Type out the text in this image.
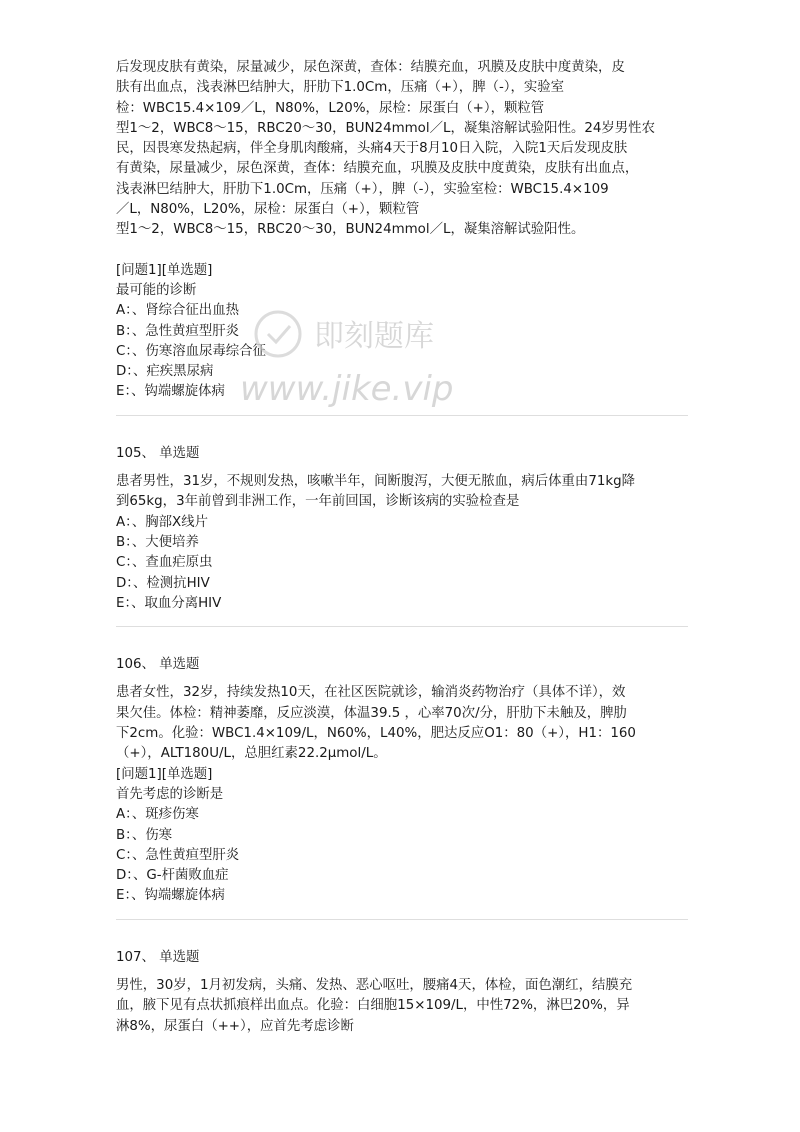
后发现皮肤有黄染，尿量减少，尿色深黄，查体：结膜充血，巩膜及皮肤中度黄染，皮

肤有出血点，浅表淋巴结肿大，肝肋下1.0Cm，压痛（+），脾（-），实验室

检：WBC15.4×109／L，N80%，L20%，尿检：尿蛋白（+），颗粒管

型1～2，WBC8～15，RBC20～30，BUN24mmol／L，凝集溶解试验阳性。24岁男性农

民，因畏寒发热起病，伴全身肌肉酸痛，头痛4天于8月10日入院，入院1天后发现皮肤

有黄染，尿量减少，尿色深黄，查体：结膜充血，巩膜及皮肤中度黄染，皮肤有出血点，

浅表淋巴结肿大，肝肋下1.0Cm，压痛（+），脾（-），实验室检：WBC15.4×109

／L，N80%，L20%，尿检：尿蛋白（+），颗粒管

型1～2，WBC8～15，RBC20～30，BUN24mmol／L，凝集溶解试验阳性。

[问题1][单选题]

最可能的诊断

A：、肾综合征出血热

B：、急性黄疸型肝炎

C：、伤寒溶血尿毒综合征

D：、疟疾黑尿病

E：、钩端螺旋体病

105、 单选题

患者男性，31岁，不规则发热，咳嗽半年，间断腹泻，大便无脓血，病后体重由71kg降

到65kg，3年前曾到非洲工作，一年前回国，诊断该病的实验检查是

A：、胸部X线片

B：、大便培养

C：、查血疟原虫

D：、检测抗HIV

E：、取血分离HIV

106、 单选题

患者女性，32岁，持续发热10天，在社区医院就诊，输消炎药物治疗（具体不详），效

果欠佳。体检：精神萎靡，反应淡漠，体温39.5 ，心率70次/分，肝肋下未触及，脾肋

下2cm。化验：WBC1.4×109/L，N60%，L40%，肥达反应O1：80（+），H1：160

（+），ALT180U/L，总胆红素22.2μmol/L。

[问题1][单选题]

首先考虑的诊断是

A：、斑疹伤寒

B：、伤寒

C：、急性黄疸型肝炎

D：、G-杆菌败血症

E：、钩端螺旋体病

107、 单选题

男性，30岁，1月初发病，头痛、发热、恶心呕吐，腰痛4天，体检，面色潮红，结膜充

血，腋下见有点状抓痕样出血点。化验：白细胞15×109/L，中性72%，淋巴20%，异

淋8%，尿蛋白（++），应首先考虑诊断

即刻题库
www.jike.vip
